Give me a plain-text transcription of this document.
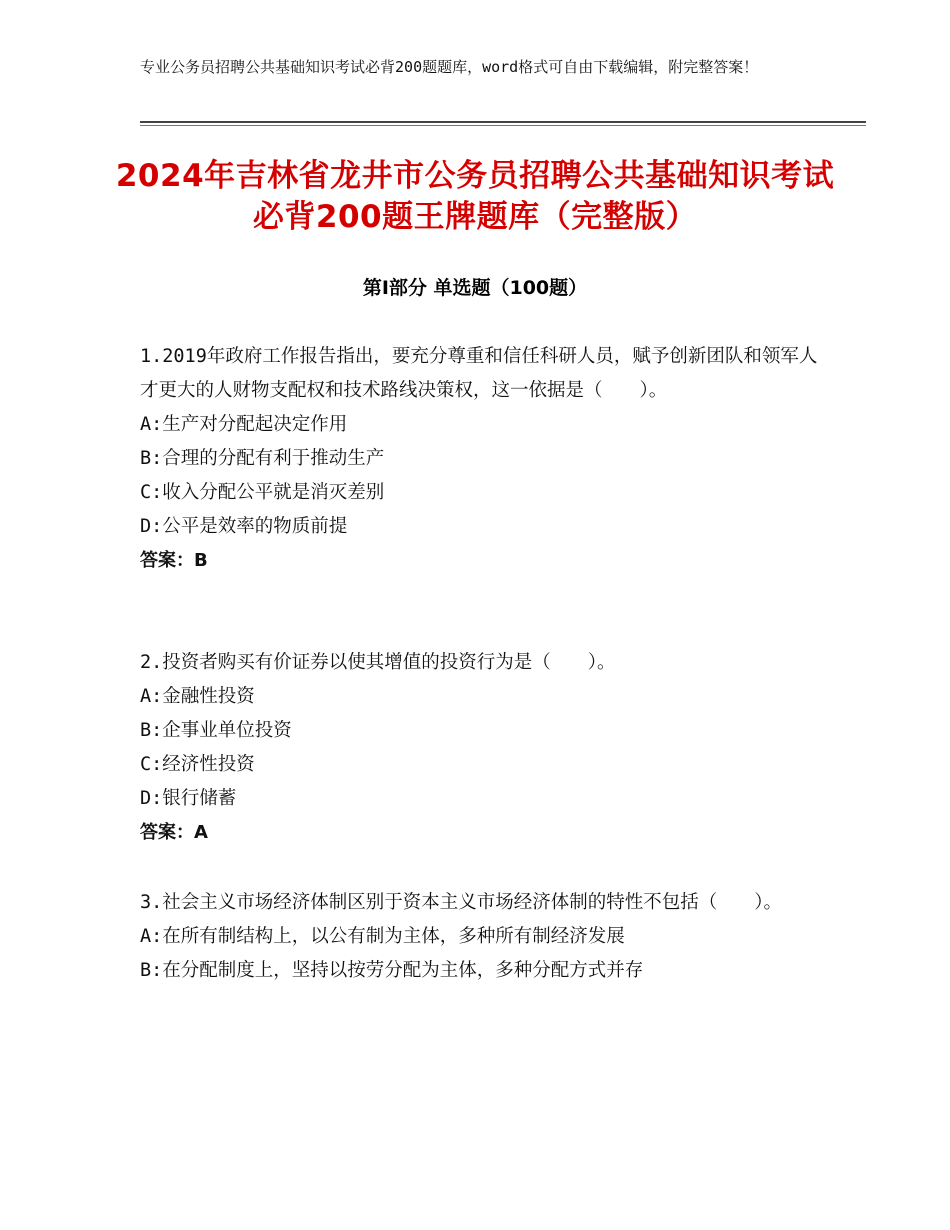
专业公务员招聘公共基础知识考试必背200题题库，word格式可自由下载编辑，附完整答案！
2024年吉林省龙井市公务员招聘公共基础知识考试必背200题王牌题库（完整版）
第Ⅰ部分 单选题（100题）

1.2019年政府工作报告指出，要充分尊重和信任科研人员，赋予创新团队和领军人才更大的人财物支配权和技术路线决策权，这一依据是（　　）。

A:生产对分配起决定作用

B:合理的分配有利于推动生产

C:收入分配公平就是消灭差别

D:公平是效率的物质前提

答案：B

2.投资者购买有价证券以使其增值的投资行为是（　　）。

A:金融性投资

B:企事业单位投资

C:经济性投资

D:银行储蓄

答案：A

3.社会主义市场经济体制区别于资本主义市场经济体制的特性不包括（　　）。

A:在所有制结构上，以公有制为主体，多种所有制经济发展

B:在分配制度上，坚持以按劳分配为主体，多种分配方式并存
